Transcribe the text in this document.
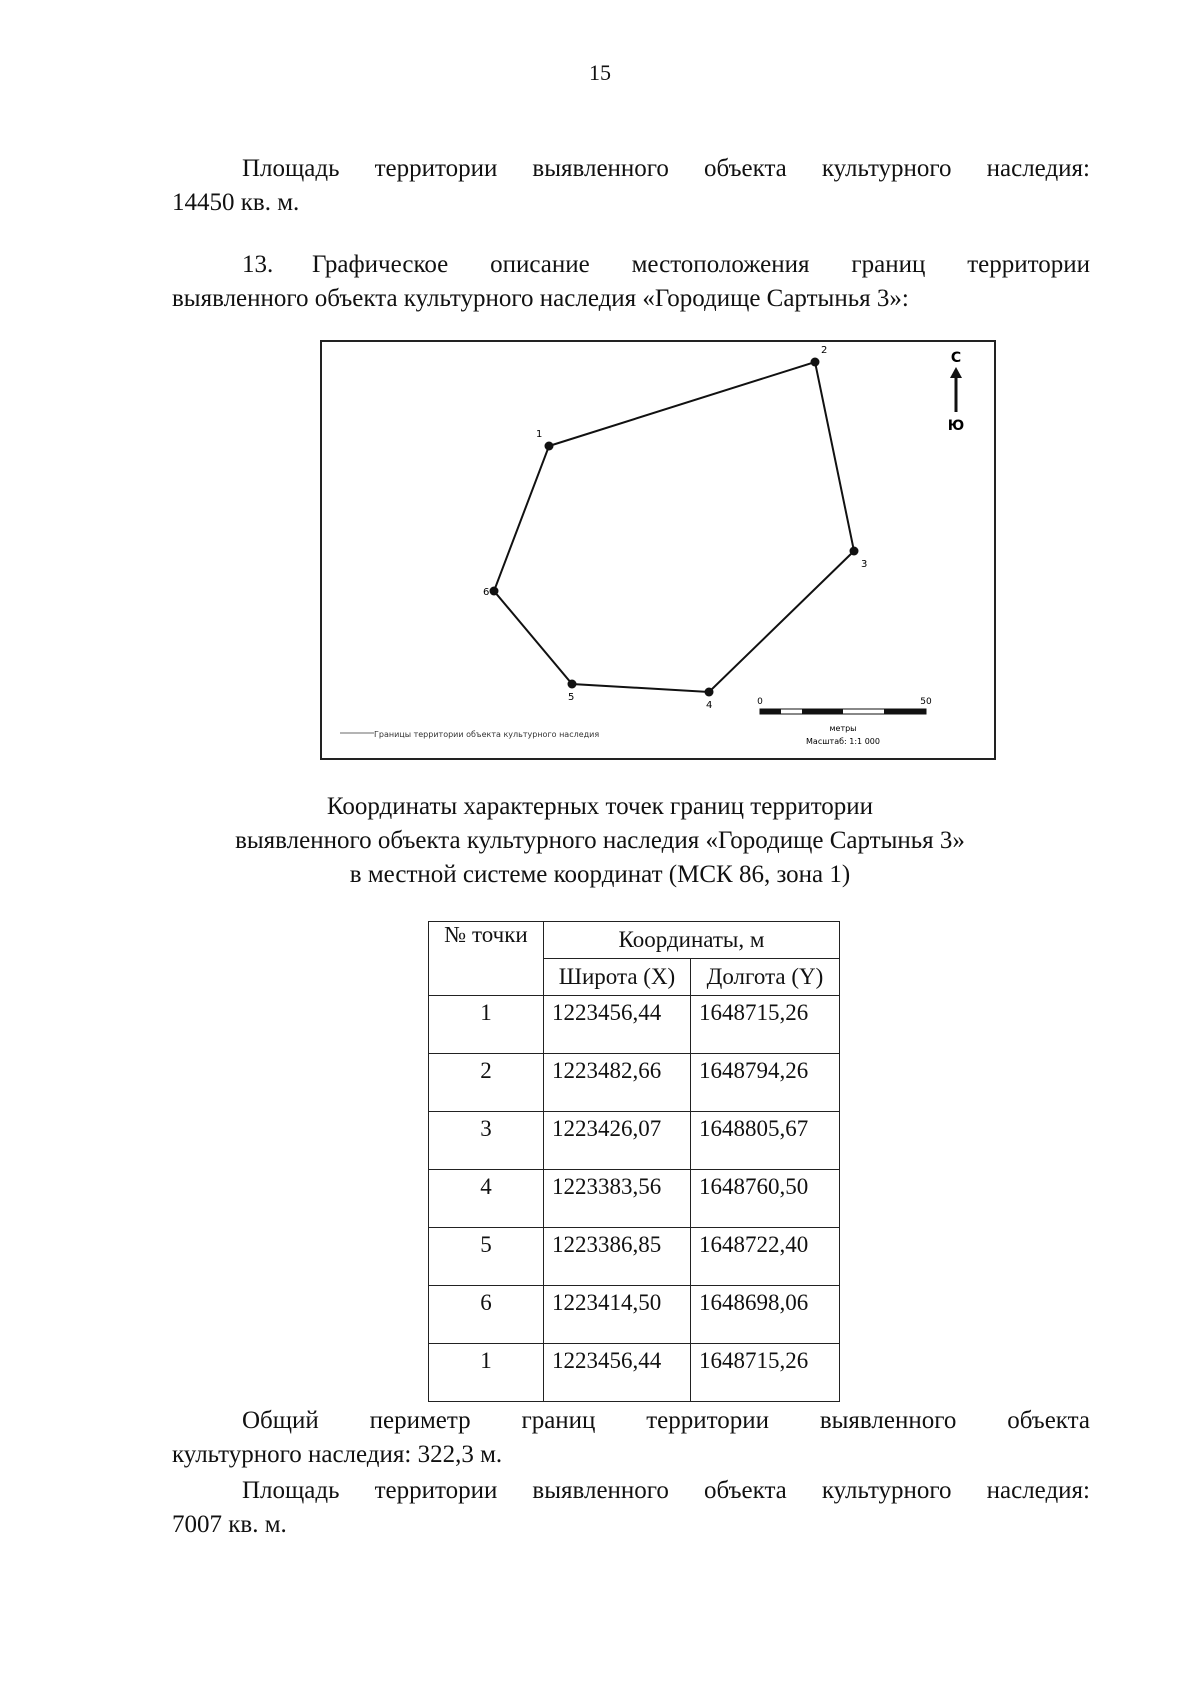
15
Площадь территории выявленного объекта культурного наследия:
14450 кв. м.
13. Графическое описание местоположения границ территории
выявленного объекта культурного наследия «Городище Сартынья 3»:
1
2
3
4
5
6
С
Ю
Границы территории объекта культурного наследия
0	50
метры
Масштаб: 1:1 000
Координаты характерных точек границ территории
выявленного объекта культурного наследия «Городище Сартынья 3»
в местной системе координат (МСК 86, зона 1)
№ точки	Координаты, м	
	Широта (X)	Долгота (Y)
1	1223456,44	1648715,26
2	1223482,66	1648794,26
3	1223426,07	1648805,67
4	1223383,56	1648760,50
5	1223386,85	1648722,40
6	1223414,50	1648698,06
1	1223456,44	1648715,26
Общий периметр границ территории выявленного объекта
культурного наследия: 322,3 м.
Площадь территории выявленного объекта культурного наследия:
7007 кв. м.
